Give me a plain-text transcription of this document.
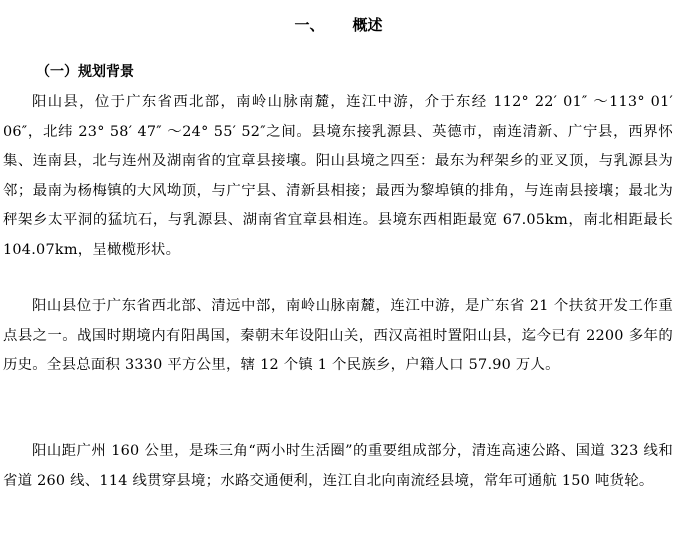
一、 概述
（一）规划背景

阳山县，位于广东省西北部，南岭山脉南麓，连江中游，介于东经 112° 22′ 01″ ～113° 01′ 06″，北纬 23° 58′ 47″ ～24° 55′ 52″之间。县境东接乳源县、英德市，南连清新、广宁县，西界怀集、连南县，北与连州及湖南省的宜章县接壤。阳山县境之四至：最东为秤架乡的亚叉顶，与乳源县为邻；最南为杨梅镇的大风坳顶，与广宁县、清新县相接；最西为黎埠镇的排角，与连南县接壤；最北为秤架乡太平洞的猛坑石，与乳源县、湖南省宜章县相连。县境东西相距最宽 67.05km，南北相距最长 104.07km，呈橄榄形状。

阳山县位于广东省西北部、清远中部，南岭山脉南麓，连江中游，是广东省 21 个扶贫开发工作重点县之一。战国时期境内有阳禺国，秦朝末年设阳山关，西汉高祖时置阳山县，迄今已有 2200 多年的历史。全县总面积 3330 平方公里，辖 12 个镇 1 个民族乡，户籍人口 57.90 万人。

阳山距广州 160 公里，是珠三角“两小时生活圈”的重要组成部分，清连高速公路、国道 323 线和省道 260 线、114 线贯穿县境；水路交通便利，连江自北向南流经县境，常年可通航 150 吨货轮。
